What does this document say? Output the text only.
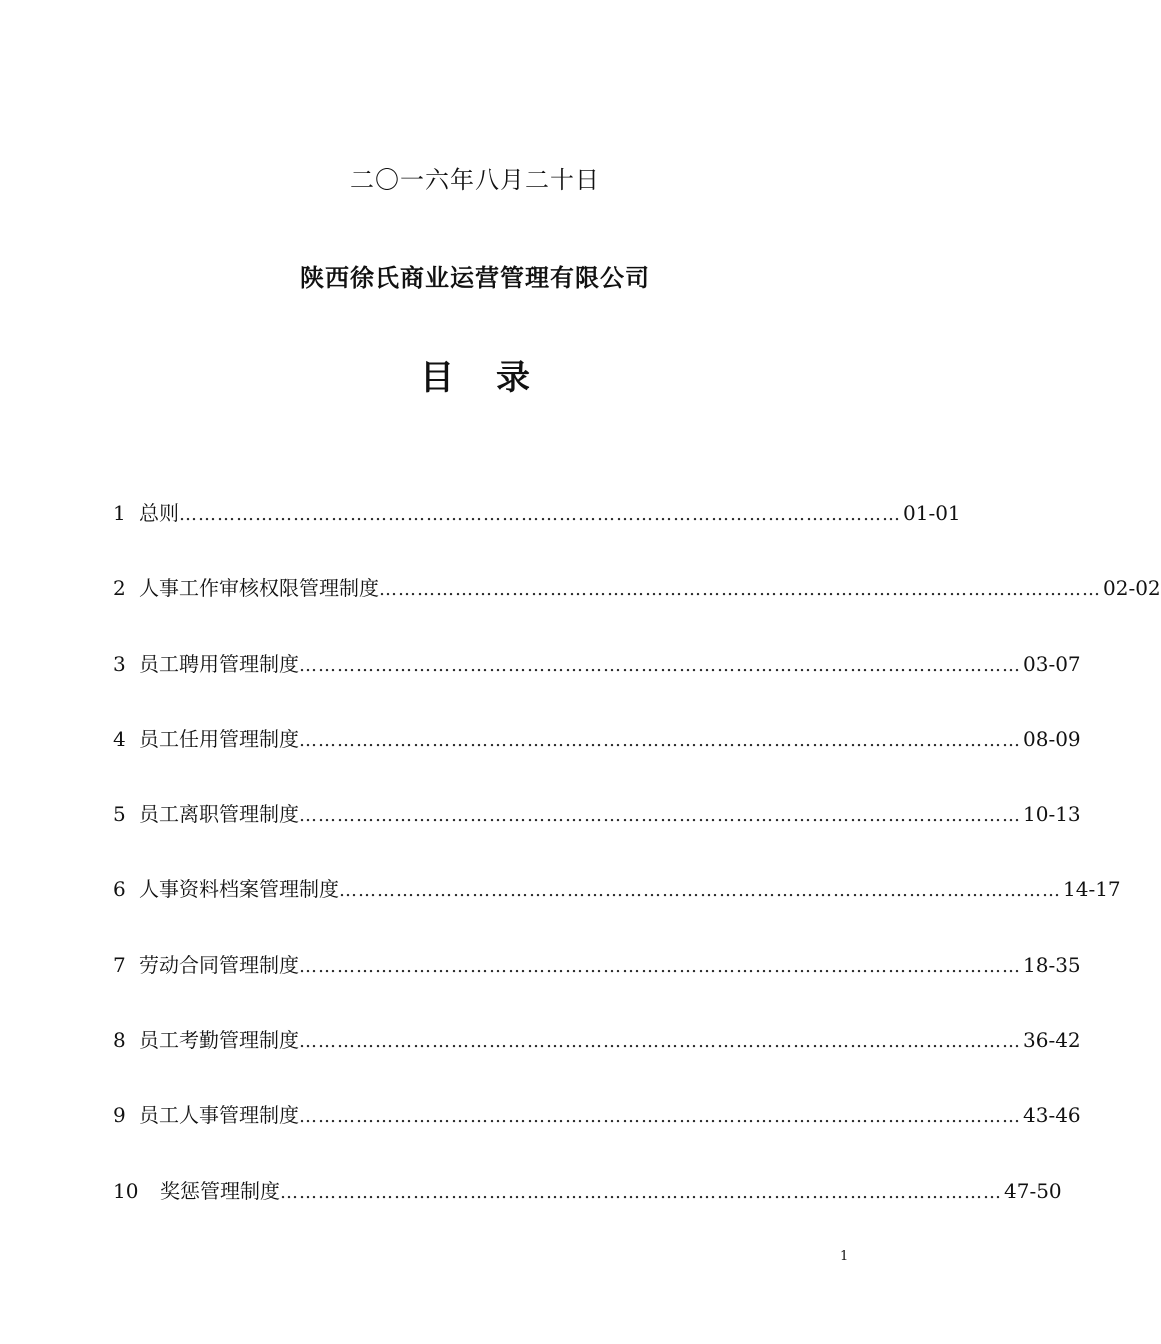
二〇一六年八月二十日
陕西徐氏商业运营管理有限公司
目 录
1 总则 …………………………………………………………………………………………………… 01-01
2 人事工作审核权限管理制度 …………………………………………………………………………………………………… 02-02
3 员工聘用管理制度 …………………………………………………………………………………………………… 03-07
4 员工任用管理制度 …………………………………………………………………………………………………… 08-09
5 员工离职管理制度 …………………………………………………………………………………………………… 10-13
6 人事资料档案管理制度 …………………………………………………………………………………………………… 14-17
7 劳动合同管理制度 …………………………………………………………………………………………………… 18-35
8 员工考勤管理制度 …………………………………………………………………………………………………… 36-42
9 员工人事管理制度 …………………………………………………………………………………………………… 43-46
10	奖惩管理制度 …………………………………………………………………………………………………… 47-50
1
